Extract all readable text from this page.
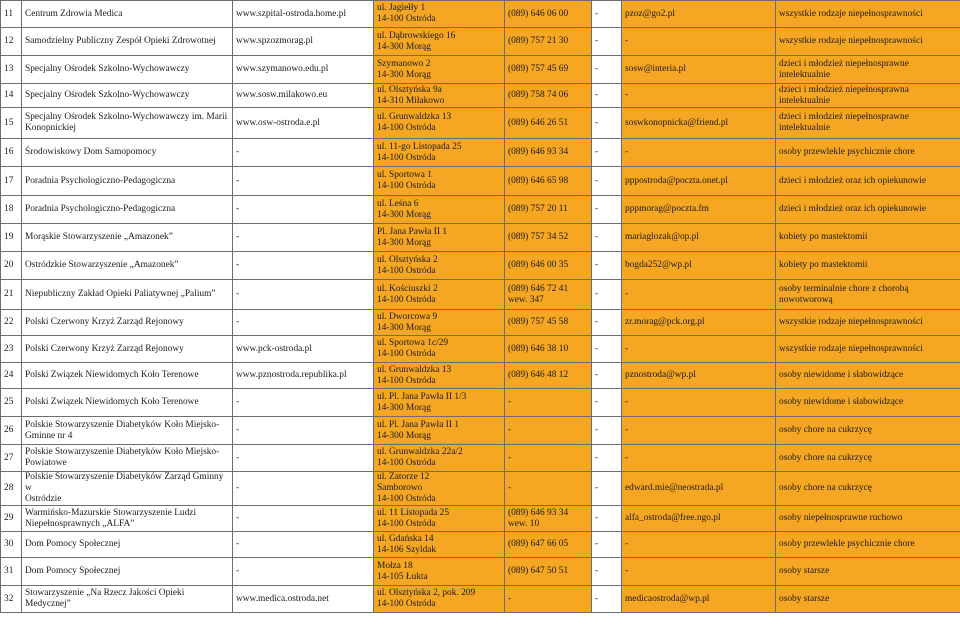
11	Centrum Zdrowia Medica	www.szpital-ostroda.home.pl	ul. Jagiełły 1
14-100 Ostróda	(089) 646 06 00	-	pzoz@go2.pl	wszystkie rodzaje niepełnosprawności
12	Samodzielny Publiczny Zespół Opieki Zdrowotnej	www.spzozmorag.pl	ul. Dąbrowskiego 16
14-300 Morąg	(089) 757 21 30	-	-	wszystkie rodzaje niepełnosprawności
13	Specjalny Ośrodek Szkolno-Wychowawczy	www.szymanowo.edu.pl	Szymanowo 2
14-300 Morąg	(089) 757 45 69	-	sosw@interia.pl	dzieci i młodzież niepełnosprawne
intelektualnie
14	Specjalny Ośrodek Szkolno-Wychowawczy	www.sosw.milakowo.eu	ul. Olsztyńska 9a
14-310 Miłakowo	(089) 758 74 06	-	-	dzieci i młodzież niepełnosprawna
intelektualnie
15	Specjalny Ośrodek Szkolno-Wychowawczy im. Marii
Konopnickiej	www.osw-ostroda.e.pl	ul. Grunwaldzka 13
14-100 Ostróda	(089) 646 26 51	-	soswkonopnicka@friend.pl	dzieci i młodzież niepełnosprawne
intelektualnie
16	Środowiskowy Dom Samopomocy	-	ul. 11-go Listopada 25
14-100 Ostróda	(089) 646 93 34	-	-	osoby przewlekle psychicznie chore
17	Poradnia Psychologiczno-Pedagogiczna	-	ul. Sportowa 1
14-100 Ostróda	(089) 646 65 98	-	pppostroda@poczta.onet.pl	dzieci i młodzież oraz ich opiekunowie
18	Poradnia Psychologiczno-Pedagogiczna	-	ul. Leśna 6
14-300 Morąg	(089) 757 20 11	-	pppmorag@poczta.fm	dzieci i młodzież oraz ich opiekunowie
19	Morąskie Stowarzyszenie „Amazonek”	-	Pl. Jana Pawła II 1
14-300 Morąg	(089) 757 34 52	-	mariaglozak@op.pl	kobiety po mastektomii
20	Ostródzkie Stowarzyszenie „Amazonek”	-	ul. Olsztyńska 2
14-100 Ostróda	(089) 646 00 35	-	bogda252@wp.pl	kobiety po mastektomii
21	Niepubliczny Zakład Opieki Paliatywnej „Palium”	-	ul. Kościuszki 2
14-100 Ostróda	(089) 646 72 41
wew. 347	-	-	osoby terminalnie chore z chorobą
nowotworową
22	Polski Czerwony Krzyż Zarząd Rejonowy	-	ul. Dworcowa 9
14-300 Morąg	(089) 757 45 58	-	zr.morag@pck.org.pl	wszystkie rodzaje niepełnosprawności
23	Polski Czerwony Krzyż Zarząd Rejonowy	www.pck-ostroda.pl	ul. Sportowa 1c/29
14-100 Ostróda	(089) 646 38 10	-	-	wszystkie rodzaje niepełnosprawności
24	Polski Związek Niewidomych Koło Terenowe	www.pznostroda.republika.pl	ul. Grunwaldzka 13
14-100 Ostróda	(089) 646 48 12	-	pznostroda@wp.pl	osoby niewidome i słabowidzące
25	Polski Związek Niewidomych Koło Terenowe	-	ul. Pl. Jana Pawła II 1/3
14-300 Morąg	-	-	-	osoby niewidome i słabowidzące
26	Polskie Stowarzyszenie Diabetyków Koło Miejsko-
Gminne nr 4	-	ul. Pl. Jana Pawła II 1
14-300 Morąg	-	-	-	osoby chore na cukrzycę
27	Polskie Stowarzyszenie Diabetyków Koło Miejsko-
Powiatowe	-	ul. Grunwaldzka 22a/2
14-100 Ostróda	-	-	-	osoby chore na cukrzycę
28	Polskie Stowarzyszenie Diabetyków Zarząd Gminny w
Ostródzie	-	ul. Zatorze 12
Samborowo
14-100 Ostróda	-	-	edward.mie@neostrada.pl	osoby chore na cukrzycę
29	Warmińsko-Mazurskie Stowarzyszenie Ludzi
Niepełnosprawnych „ALFA”	-	ul. 11 Listopada 25
14-100 Ostróda	(089) 646 93 34
wew. 10	-	alfa_ostroda@free.ngo.pl	osoby niepełnosprawne ruchowo
30	Dom Pomocy Społecznej	-	ul. Gdańska 14
14-106 Szyldak	(089) 647 66 05	-	-	osoby przewlekle psychicznie chore
31	Dom Pomocy Społecznej	-	Mołza 18
14-105 Łukta	(089) 647 50 51	-	-	osoby starsze
32	Stowarzyszenie „Na Rzecz Jakości Opieki
Medycznej”	www.medica.ostroda.net	ul. Olsztyńska 2, pok. 209
14-100 Ostróda	-	-	medicaostroda@wp.pl	osoby starsze
